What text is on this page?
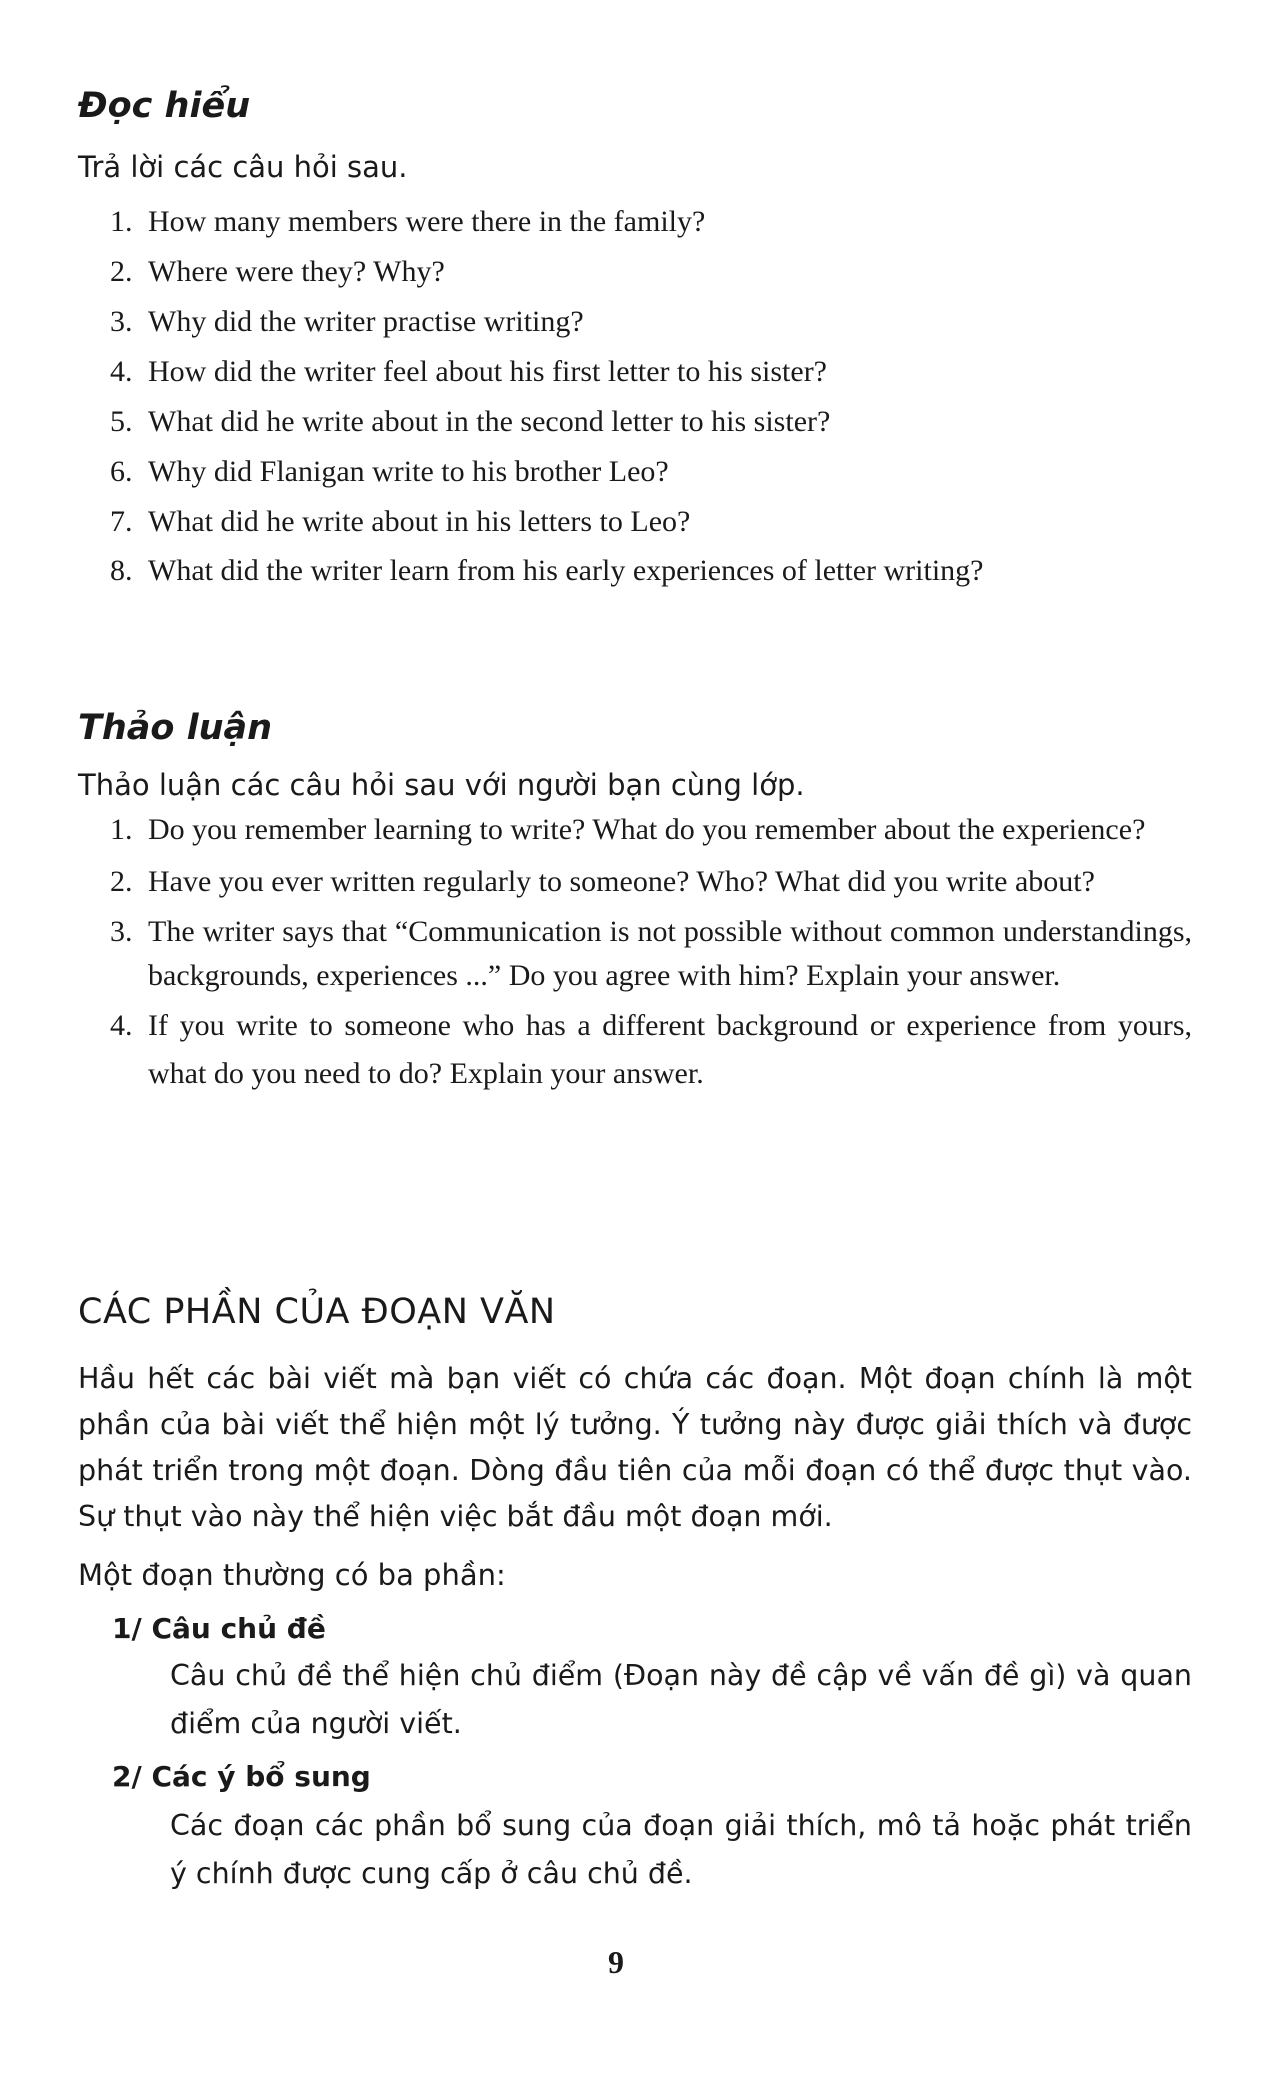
Đọc hiểu

Trả lời các câu hỏi sau.

1. How many members were there in the family?
2. Where were they? Why?
3. Why did the writer practise writing?
4. How did the writer feel about his first letter to his sister?
5. What did he write about in the second letter to his sister?
6. Why did Flanigan write to his brother Leo?
7. What did he write about in his letters to Leo?
8. What did the writer learn from his early experiences of letter writing?
Thảo luận

Thảo luận các câu hỏi sau với người bạn cùng lớp.

1. Do you remember learning to write? What do you remember about the experience?
2. Have you ever written regularly to someone? Who? What did you write about?
3. The writer says that “Communication is not possible without common understandings, backgrounds, experiences ...” Do you agree with him? Explain your answer.
4. If you write to someone who has a different background or experience from yours, what do you need to do? Explain your answer.
CÁC PHẦN CỦA ĐOẠN VĂN

Hầu hết các bài viết mà bạn viết có chứa các đoạn. Một đoạn chính là một phần của bài viết thể hiện một lý tưởng. Ý tưởng này được giải thích và được phát triển trong một đoạn. Dòng đầu tiên của mỗi đoạn có thể được thụt vào. Sự thụt vào này thể hiện việc bắt đầu một đoạn mới.

Một đoạn thường có ba phần:

1/ Câu chủ đề

Câu chủ đề thể hiện chủ điểm (Đoạn này đề cập về vấn đề gì) và quan điểm của người viết.

2/ Các ý bổ sung

Các đoạn các phần bổ sung của đoạn giải thích, mô tả hoặc phát triển ý chính được cung cấp ở câu chủ đề.

9
